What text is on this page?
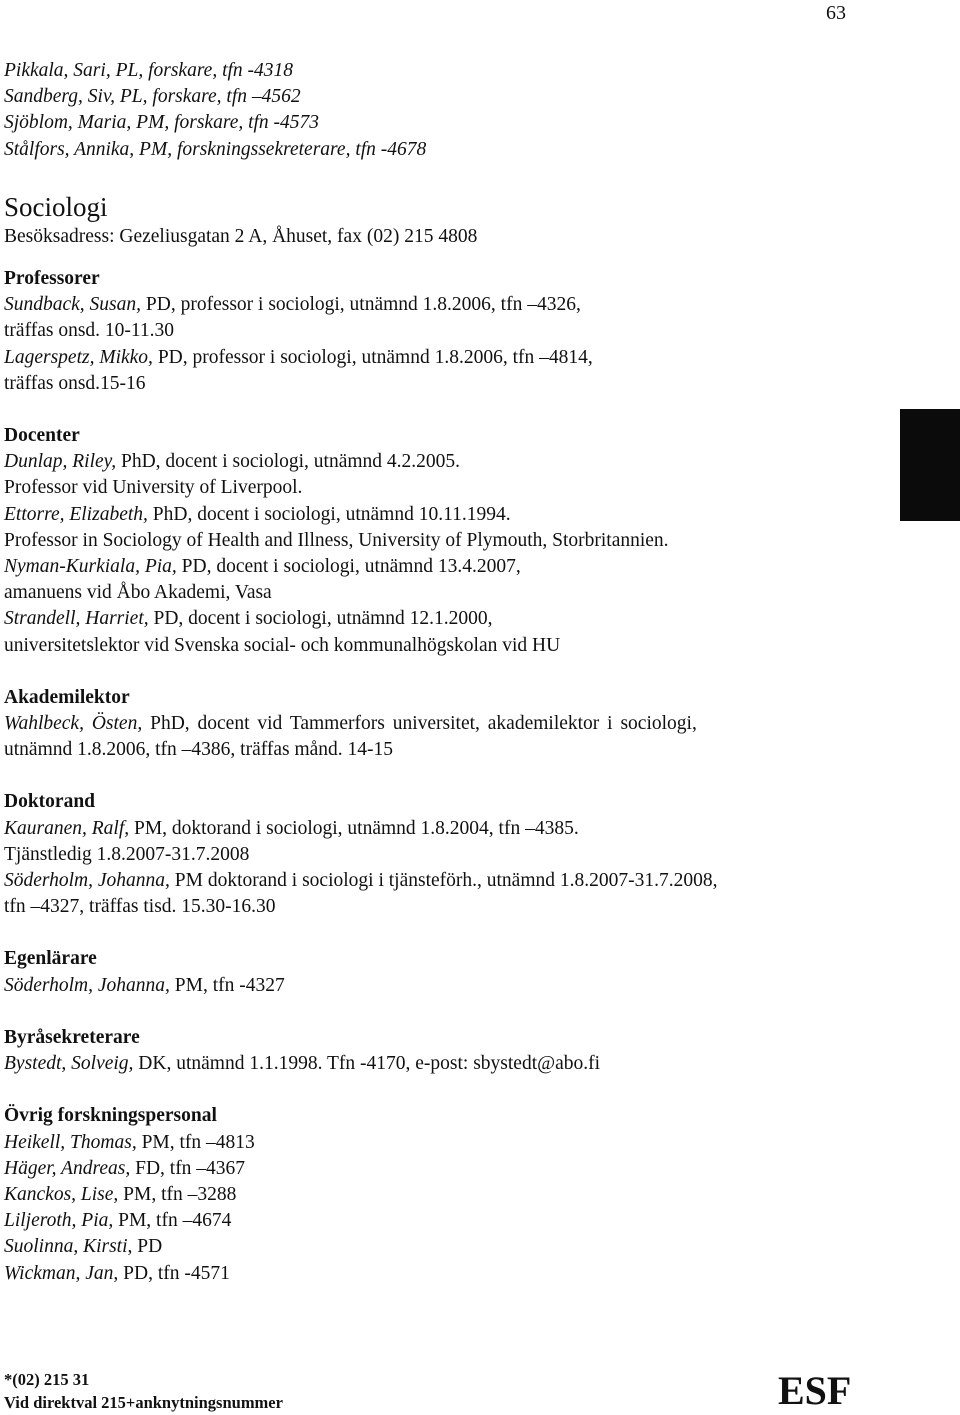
63
Pikkala, Sari, PL, forskare, tfn -4318
Sandberg, Siv, PL, forskare, tfn –4562
Sjöblom, Maria, PM, forskare, tfn -4573
Stålfors, Annika, PM, forskningssekreterare, tfn -4678
Sociologi
Besöksadress: Gezeliusgatan 2 A, Åhuset, fax (02) 215 4808
Professorer
Sundback, Susan, PD, professor i sociologi, utnämnd 1.8.2006, tfn –4326,
träffas onsd. 10-11.30
Lagerspetz, Mikko, PD, professor i sociologi, utnämnd 1.8.2006, tfn –4814,
träffas onsd.15-16
Docenter
Dunlap, Riley, PhD, docent i sociologi, utnämnd 4.2.2005.
Professor vid University of Liverpool.
Ettorre, Elizabeth, PhD, docent i sociologi, utnämnd 10.11.1994.
Professor in Sociology of Health and Illness, University of Plymouth, Storbritannien.
Nyman-Kurkiala, Pia, PD, docent i sociologi, utnämnd 13.4.2007,
amanuens vid Åbo Akademi, Vasa
Strandell, Harriet, PD, docent i sociologi, utnämnd 12.1.2000,
universitetslektor vid Svenska social- och kommunalhögskolan vid HU
Akademilektor
Wahlbeck, Östen, PhD, docent vid Tammerfors universitet, akademilektor i sociologi,
utnämnd 1.8.2006, tfn –4386, träffas månd. 14-15
Doktorand
Kauranen, Ralf, PM, doktorand i sociologi, utnämnd 1.8.2004, tfn –4385.
Tjänstledig 1.8.2007-31.7.2008
Söderholm, Johanna, PM doktorand i sociologi i tjänsteförh., utnämnd 1.8.2007-31.7.2008,
tfn –4327, träffas tisd. 15.30-16.30
Egenlärare
Söderholm, Johanna, PM, tfn -4327
Byråsekreterare
Bystedt, Solveig, DK, utnämnd 1.1.1998. Tfn -4170, e-post: sbystedt@abo.fi
Övrig forskningspersonal
Heikell, Thomas, PM, tfn –4813
Häger, Andreas, FD, tfn –4367
Kanckos, Lise, PM, tfn –3288
Liljeroth, Pia, PM, tfn –4674
Suolinna, Kirsti, PD
Wickman, Jan, PD, tfn -4571
*(02) 215 31
Vid direktval 215+anknytningsnummer	ESF
